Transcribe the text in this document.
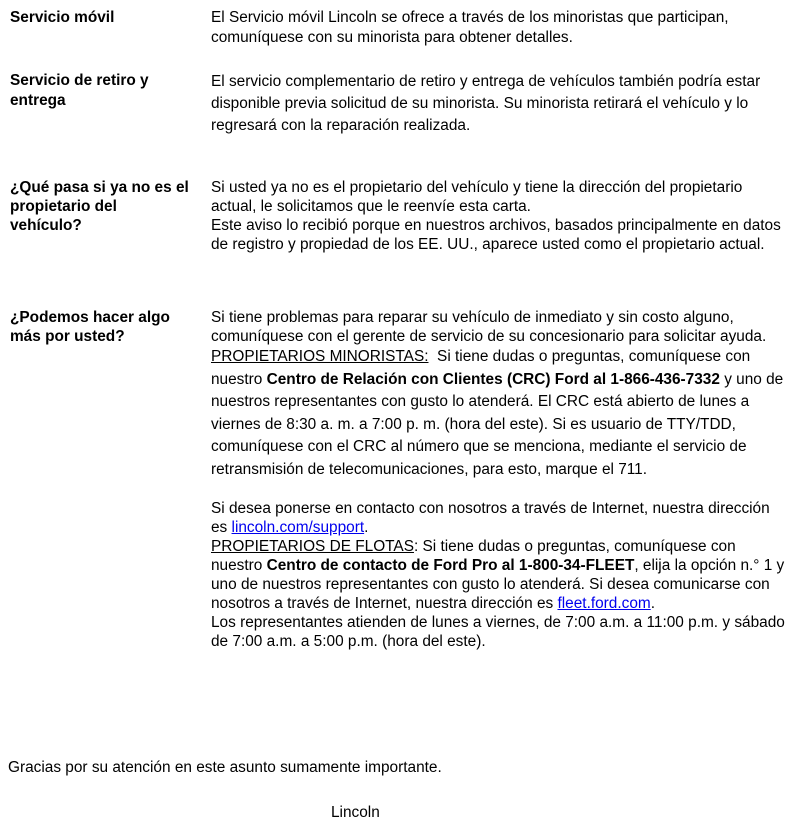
Servicio móvil	El Servicio móvil Lincoln se ofrece a través de los minoristas que participan, comuníquese con su minorista para obtener detalles.
Servicio de retiro y entrega
El servicio complementario de retiro y entrega de vehículos también podría estar disponible previa solicitud de su minorista. Su minorista retirará el vehículo y lo regresará con la reparación realizada.
¿Qué pasa si ya no es el propietario del vehículo?

Si usted ya no es el propietario del vehículo y tiene la dirección del propietario actual, le solicitamos que le reenvíe esta carta.

Este aviso lo recibió porque en nuestros archivos, basados principalmente en datos de registro y propiedad de los EE. UU., aparece usted como el propietario actual.

¿Podemos hacer algo más por usted?

Si tiene problemas para reparar su vehículo de inmediato y sin costo alguno, comuníquese con el gerente de servicio de su concesionario para solicitar ayuda.

PROPIETARIOS MINORISTAS:  Si tiene dudas o preguntas, comuníquese con nuestro Centro de Relación con Clientes (CRC) Ford al 1-866-436-7332 y uno de nuestros representantes con gusto lo atenderá. El CRC está abierto de lunes a viernes de 8:30 a. m. a 7:00 p. m. (hora del este). Si es usuario de TTY/TDD, comuníquese con el CRC al número que se menciona, mediante el servicio de retransmisión de telecomunicaciones, para esto, marque el 711.

Si desea ponerse en contacto con nosotros a través de Internet, nuestra dirección es lincoln.com/support.

PROPIETARIOS DE FLOTAS: Si tiene dudas o preguntas, comuníquese con nuestro Centro de contacto de Ford Pro al 1-800-34-FLEET, elija la opción n.° 1 y uno de nuestros representantes con gusto lo atenderá. Si desea comunicarse con nosotros a través de Internet, nuestra dirección es fleet.ford.com.

Los representantes atienden de lunes a viernes, de 7:00 a.m. a 11:00 p.m. y sábado de 7:00 a.m. a 5:00 p.m. (hora del este).

Gracias por su atención en este asunto sumamente importante.
Lincoln
